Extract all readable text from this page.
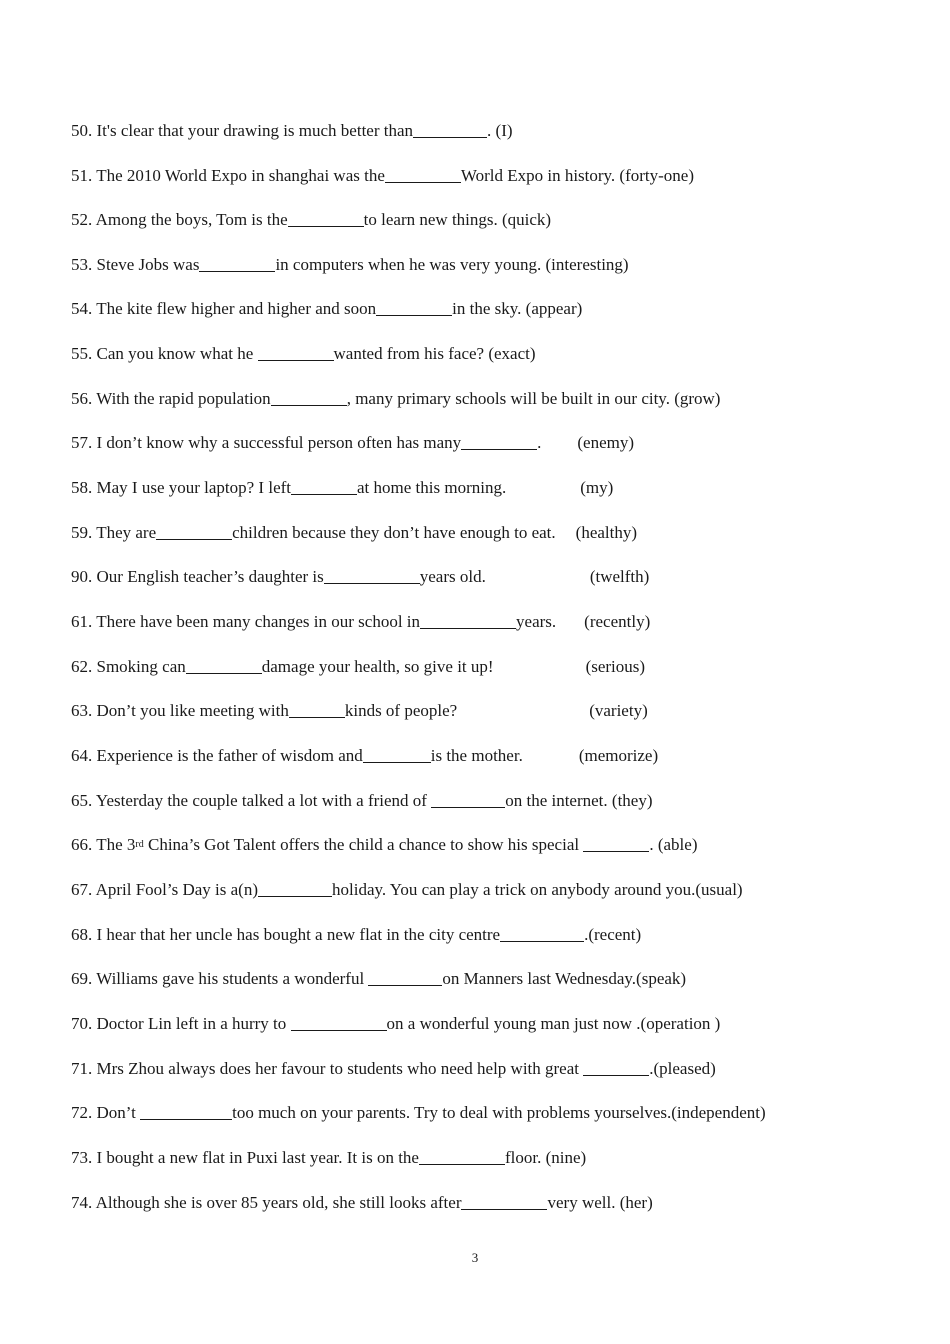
50. It's clear that your drawing is much better than	. (I)
51. The 2010 World Expo in shanghai was the	World Expo in history. (forty-one)
52. Among the boys, Tom is the	to learn new things. (quick)
53. Steve Jobs was	in computers when he was very young. (interesting)
54. The kite flew higher and higher and soon	in the sky. (appear)
55. Can you know what he	wanted from his face? (exact)
56. With the rapid population	, many primary schools will be built in our city. (grow)
57. I don’t know why a successful person often has many	. (enemy)
58. May I use your laptop? I left	at home this morning.	(my)
59. They are	children because they don’t have enough to eat. (healthy)
90. Our English teacher’s daughter is	years old.	(twelfth)
61. There have been many changes in our school in	years. (recently)
62. Smoking can	damage your health, so give it up!	(serious)
63. Don’t you like meeting with	kinds of people?	(variety)
64. Experience is the father of wisdom and	is the mother.	(memorize)
65. Yesterday the couple talked a lot with a friend of	on the internet. (they)
66. The 3rd China’s Got Talent offers the child a chance to show his special	. (able)
67. April Fool’s Day is a(n)	holiday. You can play a trick on anybody around you.(usual)
68. I hear that her uncle has bought a new flat in the city centre	.(recent)
69. Williams gave his students a wonderful	on Manners last Wednesday.(speak)
70. Doctor Lin left in a hurry to	on a wonderful young man just now .(operation )
71. Mrs Zhou always does her favour to students who need help with great	.(pleased)
72. Don’t	too much on your parents. Try to deal with problems yourselves.(independent)
73. I bought a new flat in Puxi last year. It is on the	floor. (nine)
74. Although she is over 85 years old, she still looks after	very well. (her)
3
